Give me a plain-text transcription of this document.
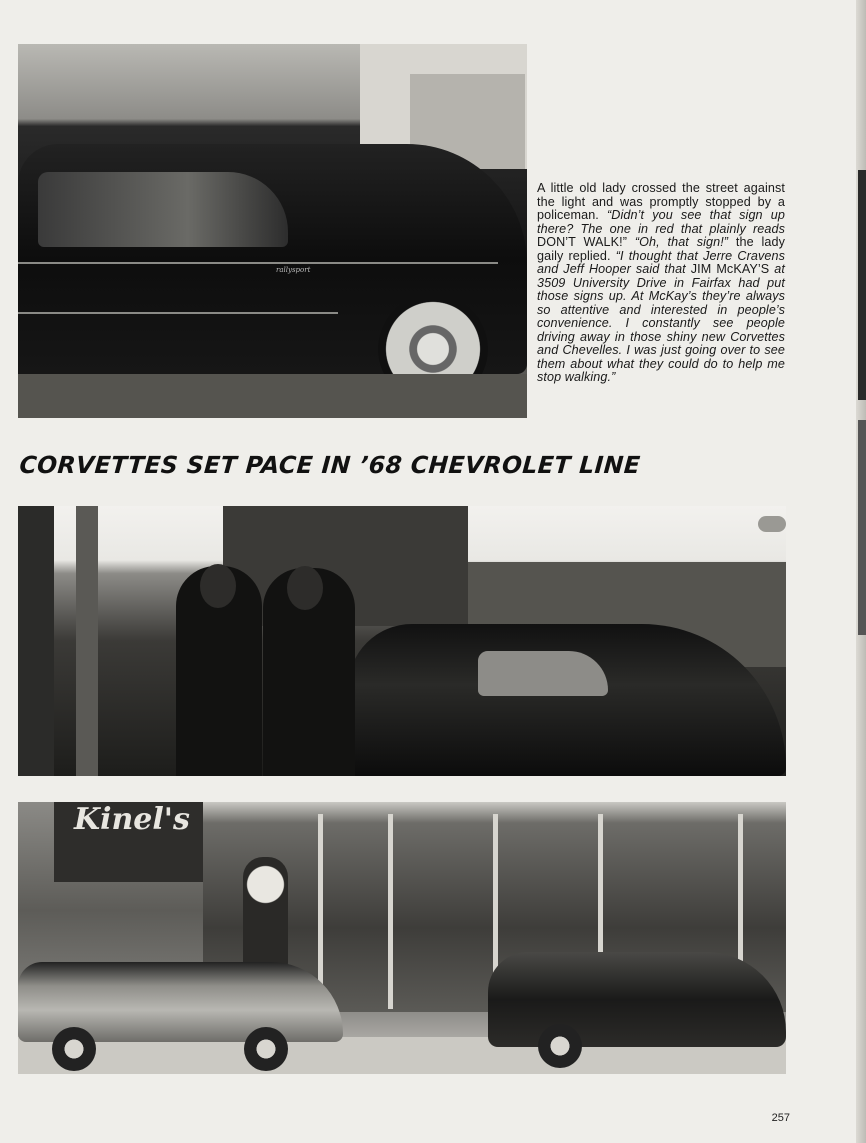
rallysport

A little old lady crossed the street against the light and was promptly stopped by a policeman. “Didn’t you see that sign up there? The one in red that plainly reads DON’T WALK!” “Oh, that sign!” the lady gaily replied. “I thought that Jerre Cravens and Jeff Hooper said that JIM McKAY’S at 3509 University Drive in Fairfax had put those signs up. At McKay’s they’re always so attentive and interested in people’s convenience. I constantly see people driving away in those shiny new Corvettes and Chevelles. I was just going over to see them about what they could do to help me stop walking.”

CORVETTES SET PACE IN ’68 CHEVROLET LINE
Kinel's
257
